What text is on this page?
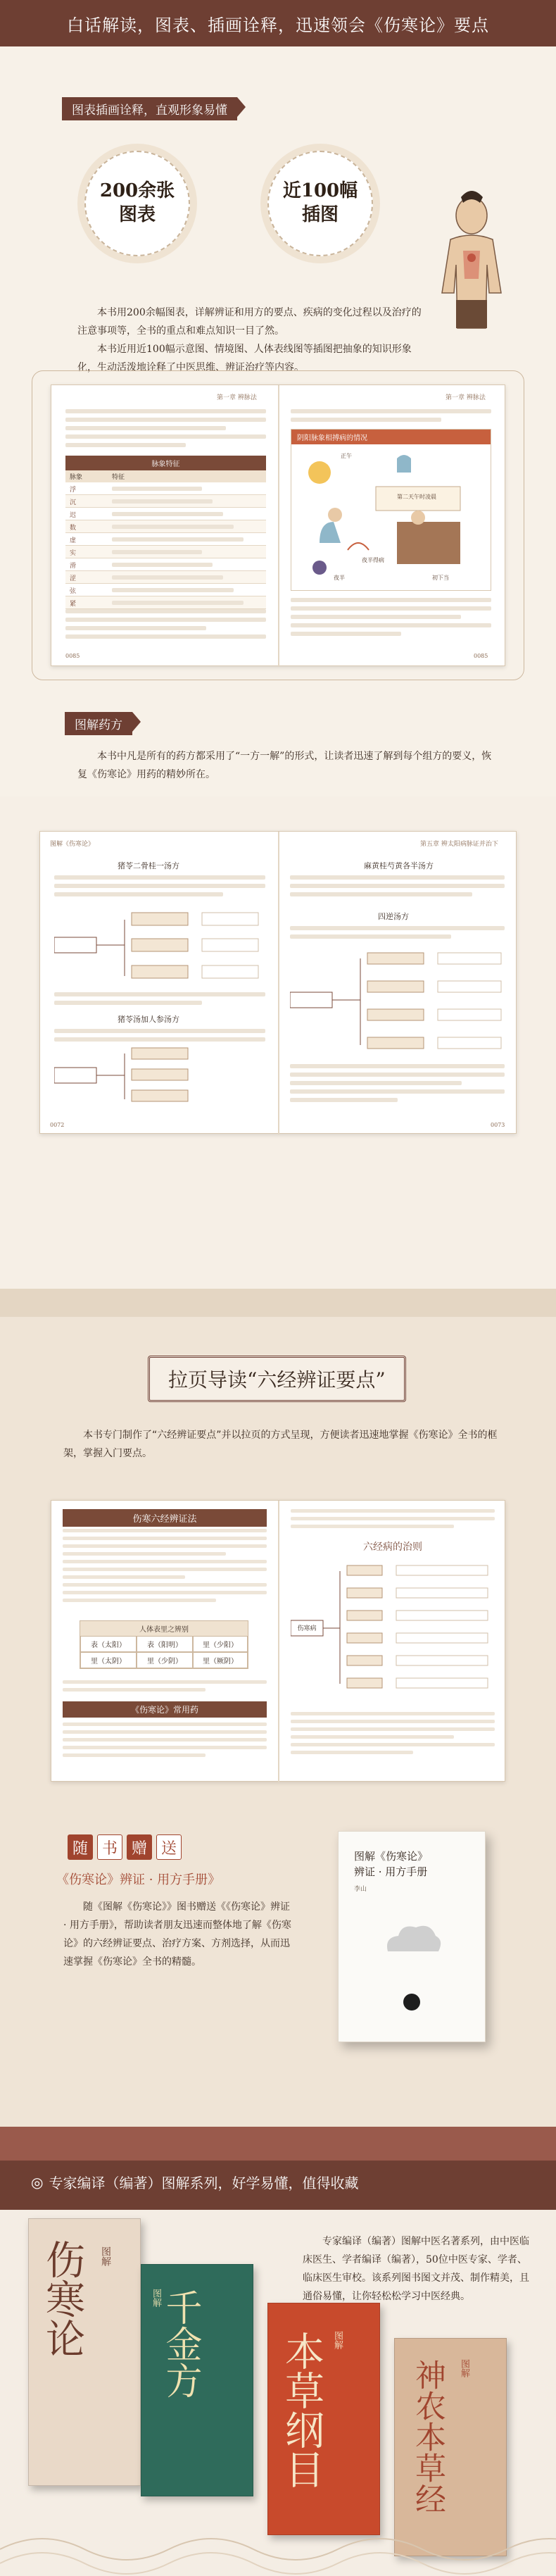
白话解读，图表、插画诠释，迅速领会《伤寒论》要点
图表插画诠释，直观形象易懂
200余张
图表
近100幅
插图

本书用200余幅图表，详解辨证和用方的要点、疾病的变化过程以及治疗的注意事项等，全书的重点和难点知识一目了然。

本书近用近100幅示意图、情境图、人体表线图等插图把抽象的知识形象化，生动活泼地诠释了中医思维、辨证治疗等内容。

第一章 辨脉法	第一章 辨脉法
脉象特征
脉象	特征
浮
沉
迟
数
虚
实
滑
涩
弦
紧
0085
阴阳脉象相搏病的情况
正午
第二天午时凌晨
夜半
夜半得病
初下当
0085
图解药方

本书中凡是所有的药方都采用了“一方一解”的形式，让读者迅速了解到每个组方的要义，恢复《伤寒论》用药的精妙所在。

图解《伤寒论》	第五章 辨太阳病脉证并治下
猪苓二骨桂一汤方
猪苓汤加人参汤方
0072
麻黄桂芍黄各半汤方
四逆汤方
0073
拉页导读“六经辨证要点”
本书专门制作了“六经辨证要点”并以拉页的方式呈现，方便读者迅速地掌握《伤寒论》全书的框架，掌握入门要点。
伤寒六经辨证法
人体表里之辨别
表（太阳）	表（阳明）	里（少阳）
里（太阴）	里（少阴）	里（厥阴）
《伤寒论》常用药
六经病的治则
伤寒病
随 书 赠 送
《伤寒论》辨证 · 用方手册》
随《图解《伤寒论》》图书赠送《《伤寒论》辨证 · 用方手册》，帮助读者朋友迅速而整体地了解《伤寒论》的六经辨证要点、治疗方案、方剂选择，从而迅速掌握《伤寒论》全书的精髓。
图解《伤寒论》
辨证 · 用方手册
李山
◎ 专家编译（编著）图解系列，好学易懂，值得收藏
专家编译（编著）图解中医名著系列，由中医临床医生、学者编译（编著），50位中医专家、学者、临床医生审校。该系列图书图文并茂、制作精美，且通俗易懂，让你轻松松学习中医经典。
伤寒论 图解
千金方
图解
本草纲目 图解
神农本草经 图解
